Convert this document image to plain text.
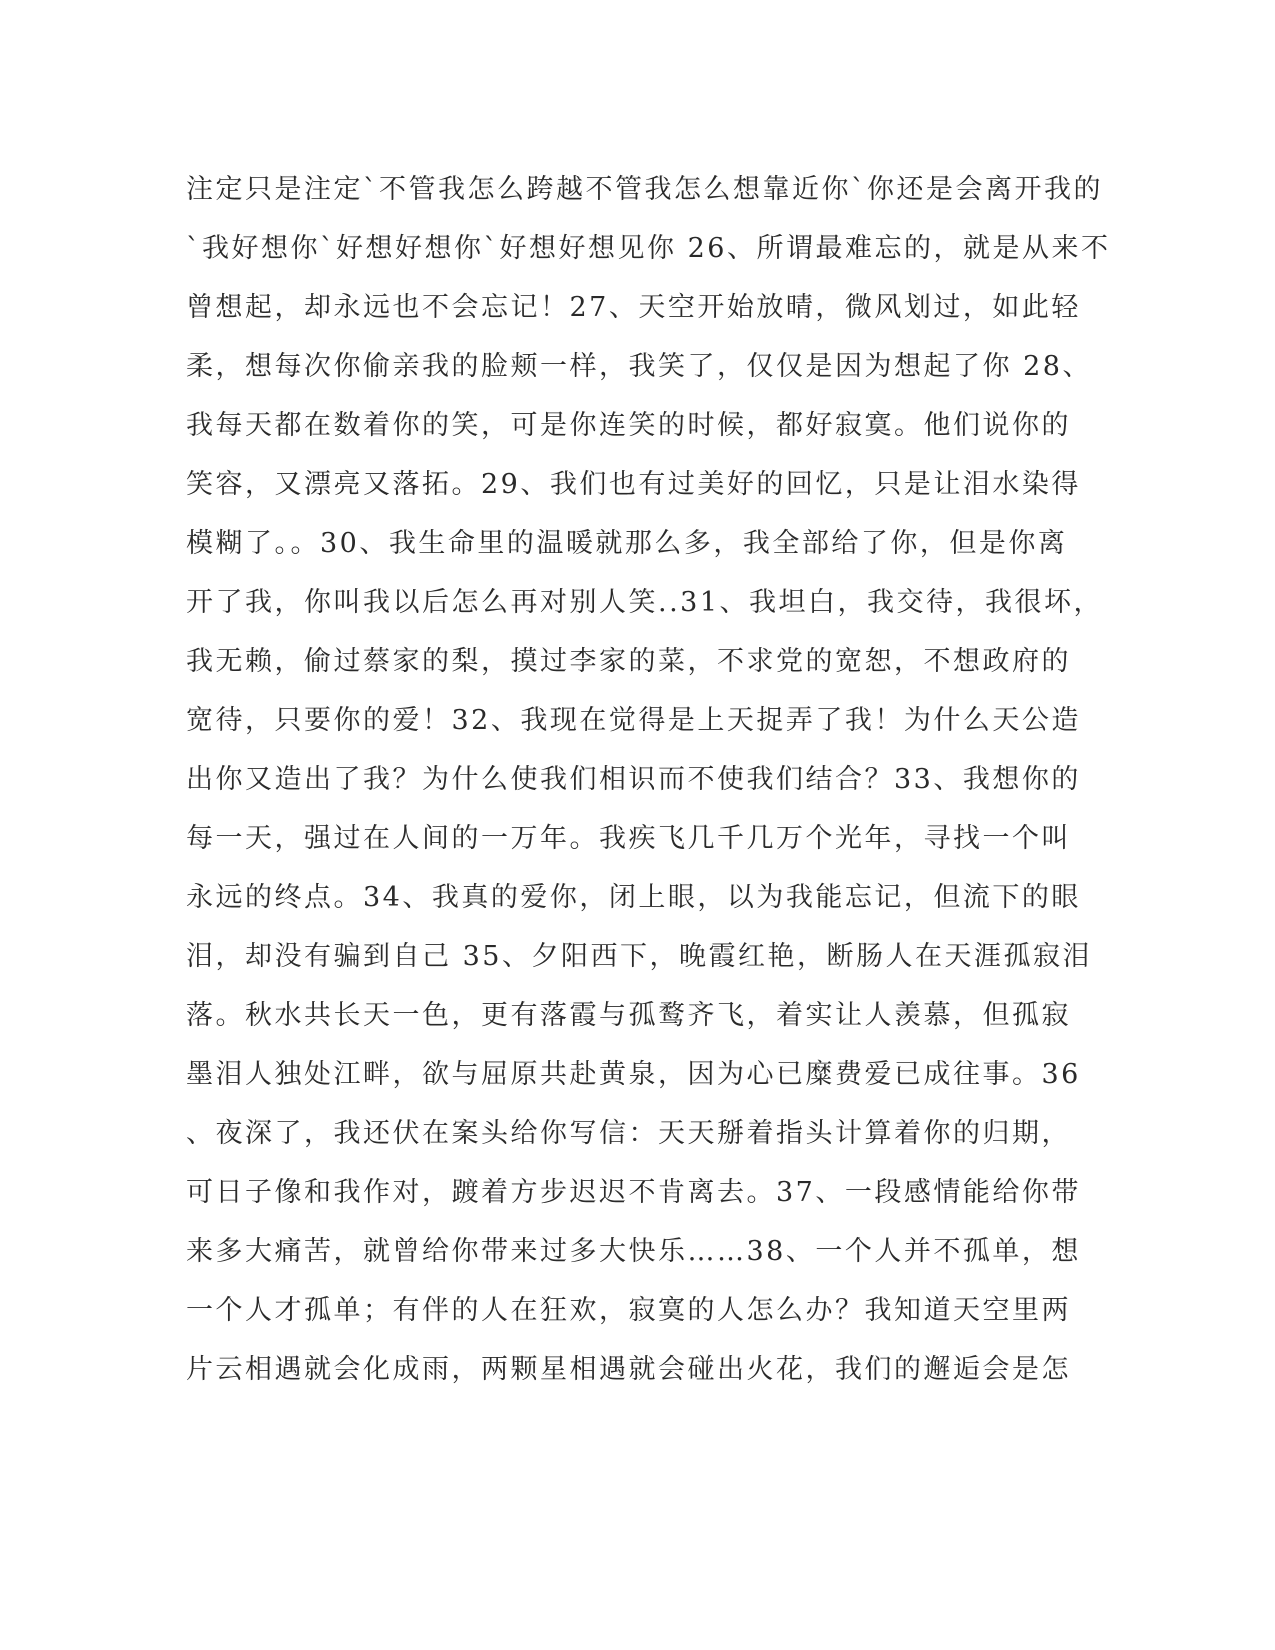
注定只是注定`不管我怎么跨越不管我怎么想靠近你`你还是会离开我的
`我好想你`好想好想你`好想好想见你 26、所谓最难忘的，就是从来不
曾想起，却永远也不会忘记！27、天空开始放晴，微风划过，如此轻
柔，想每次你偷亲我的脸颊一样，我笑了，仅仅是因为想起了你 28、
我每天都在数着你的笑，可是你连笑的时候，都好寂寞。他们说你的
笑容，又漂亮又落拓。29、我们也有过美好的回忆，只是让泪水染得
模糊了。。30、我生命里的温暖就那么多，我全部给了你，但是你离
开了我，你叫我以后怎么再对别人笑..31、我坦白，我交待，我很坏，
我无赖，偷过蔡家的梨，摸过李家的菜，不求党的宽恕，不想政府的
宽待，只要你的爱！32、我现在觉得是上天捉弄了我！为什么天公造
出你又造出了我？为什么使我们相识而不使我们结合？33、我想你的
每一天，强过在人间的一万年。我疾飞几千几万个光年，寻找一个叫
永远的终点。34、我真的爱你，闭上眼，以为我能忘记，但流下的眼
泪，却没有骗到自己 35、夕阳西下，晚霞红艳，断肠人在天涯孤寂泪
落。秋水共长天一色，更有落霞与孤鹜齐飞，着实让人羡慕，但孤寂
墨泪人独处江畔，欲与屈原共赴黄泉，因为心已糜费爱已成往事。36
、夜深了，我还伏在案头给你写信：天天掰着指头计算着你的归期，
可日子像和我作对，踱着方步迟迟不肯离去。37、一段感情能给你带
来多大痛苦，就曾给你带来过多大快乐……38、一个人并不孤单，想
一个人才孤单；有伴的人在狂欢，寂寞的人怎么办？我知道天空里两
片云相遇就会化成雨，两颗星相遇就会碰出火花，我们的邂逅会是怎
